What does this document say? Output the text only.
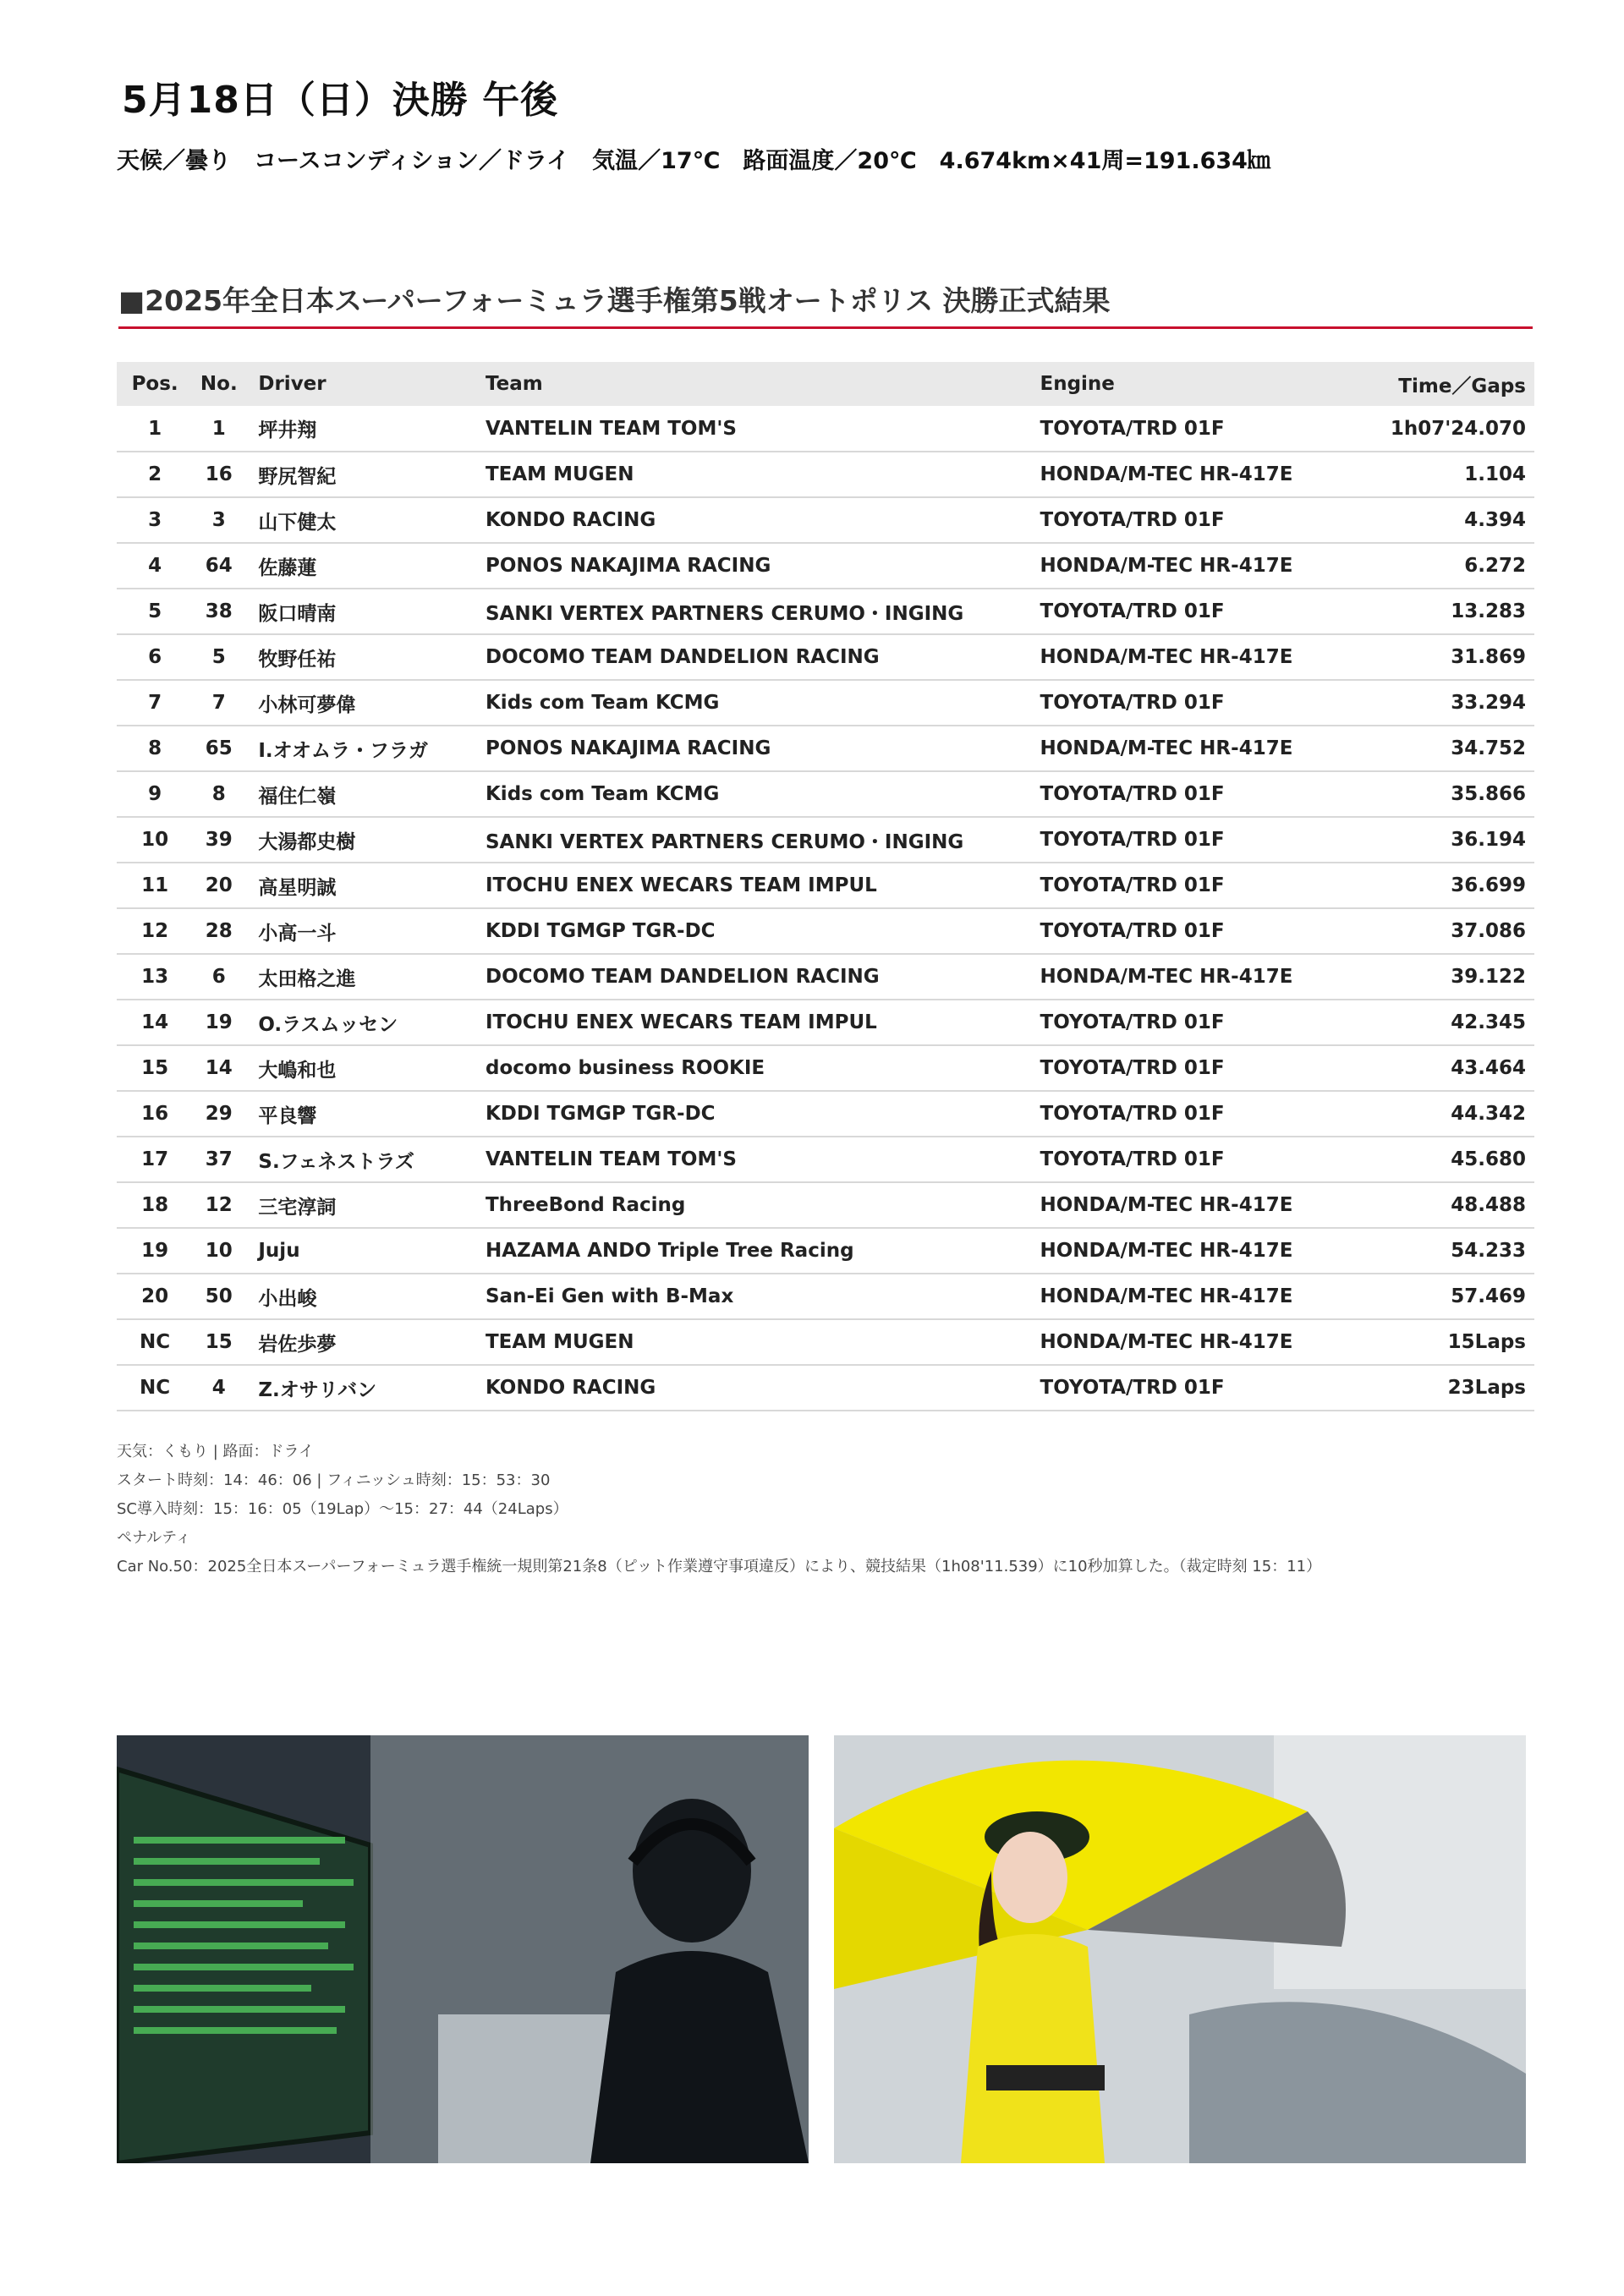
5月18日（日）決勝 午後
天候／曇り　コースコンディション／ドライ　気温／17℃　路面温度／20℃　4.674km×41周=191.634㎞
■2025年全日本スーパーフォーミュラ選手権第5戦オートポリス 決勝正式結果
Pos.	No.	Driver	Team	Engine	Time／Gaps
1	1	坪井翔	VANTELIN TEAM TOM'S	TOYOTA/TRD 01F	1h07'24.070
2	16	野尻智紀	TEAM MUGEN	HONDA/M-TEC HR-417E	1.104
3	3	山下健太	KONDO RACING	TOYOTA/TRD 01F	4.394
4	64	佐藤蓮	PONOS NAKAJIMA RACING	HONDA/M-TEC HR-417E	6.272
5	38	阪口晴南	SANKI VERTEX PARTNERS CERUMO・INGING	TOYOTA/TRD 01F	13.283
6	5	牧野任祐	DOCOMO TEAM DANDELION RACING	HONDA/M-TEC HR-417E	31.869
7	7	小林可夢偉	Kids com Team KCMG	TOYOTA/TRD 01F	33.294
8	65	I.オオムラ・フラガ	PONOS NAKAJIMA RACING	HONDA/M-TEC HR-417E	34.752
9	8	福住仁嶺	Kids com Team KCMG	TOYOTA/TRD 01F	35.866
10	39	大湯都史樹	SANKI VERTEX PARTNERS CERUMO・INGING	TOYOTA/TRD 01F	36.194
11	20	高星明誠	ITOCHU ENEX WECARS TEAM IMPUL	TOYOTA/TRD 01F	36.699
12	28	小高一斗	KDDI TGMGP TGR-DC	TOYOTA/TRD 01F	37.086
13	6	太田格之進	DOCOMO TEAM DANDELION RACING	HONDA/M-TEC HR-417E	39.122
14	19	O.ラスムッセン	ITOCHU ENEX WECARS TEAM IMPUL	TOYOTA/TRD 01F	42.345
15	14	大嶋和也	docomo business ROOKIE	TOYOTA/TRD 01F	43.464
16	29	平良響	KDDI TGMGP TGR-DC	TOYOTA/TRD 01F	44.342
17	37	S.フェネストラズ	VANTELIN TEAM TOM'S	TOYOTA/TRD 01F	45.680
18	12	三宅淳詞	ThreeBond Racing	HONDA/M-TEC HR-417E	48.488
19	10	Juju	HAZAMA ANDO Triple Tree Racing	HONDA/M-TEC HR-417E	54.233
20	50	小出峻	San-Ei Gen with B-Max	HONDA/M-TEC HR-417E	57.469
NC	15	岩佐歩夢	TEAM MUGEN	HONDA/M-TEC HR-417E	15Laps
NC	4	Z.オサリバン	KONDO RACING	TOYOTA/TRD 01F	23Laps
天気：くもり | 路面：ドライ
スタート時刻：14：46：06 | フィニッシュ時刻：15：53：30
SC導入時刻：15：16：05（19Lap）〜15：27：44（24Laps）
ペナルティ
Car No.50：2025全日本スーパーフォーミュラ選手権統一規則第21条8（ピット作業遵守事項違反）により、競技結果（1h08'11.539）に10秒加算した。（裁定時刻 15：11）
